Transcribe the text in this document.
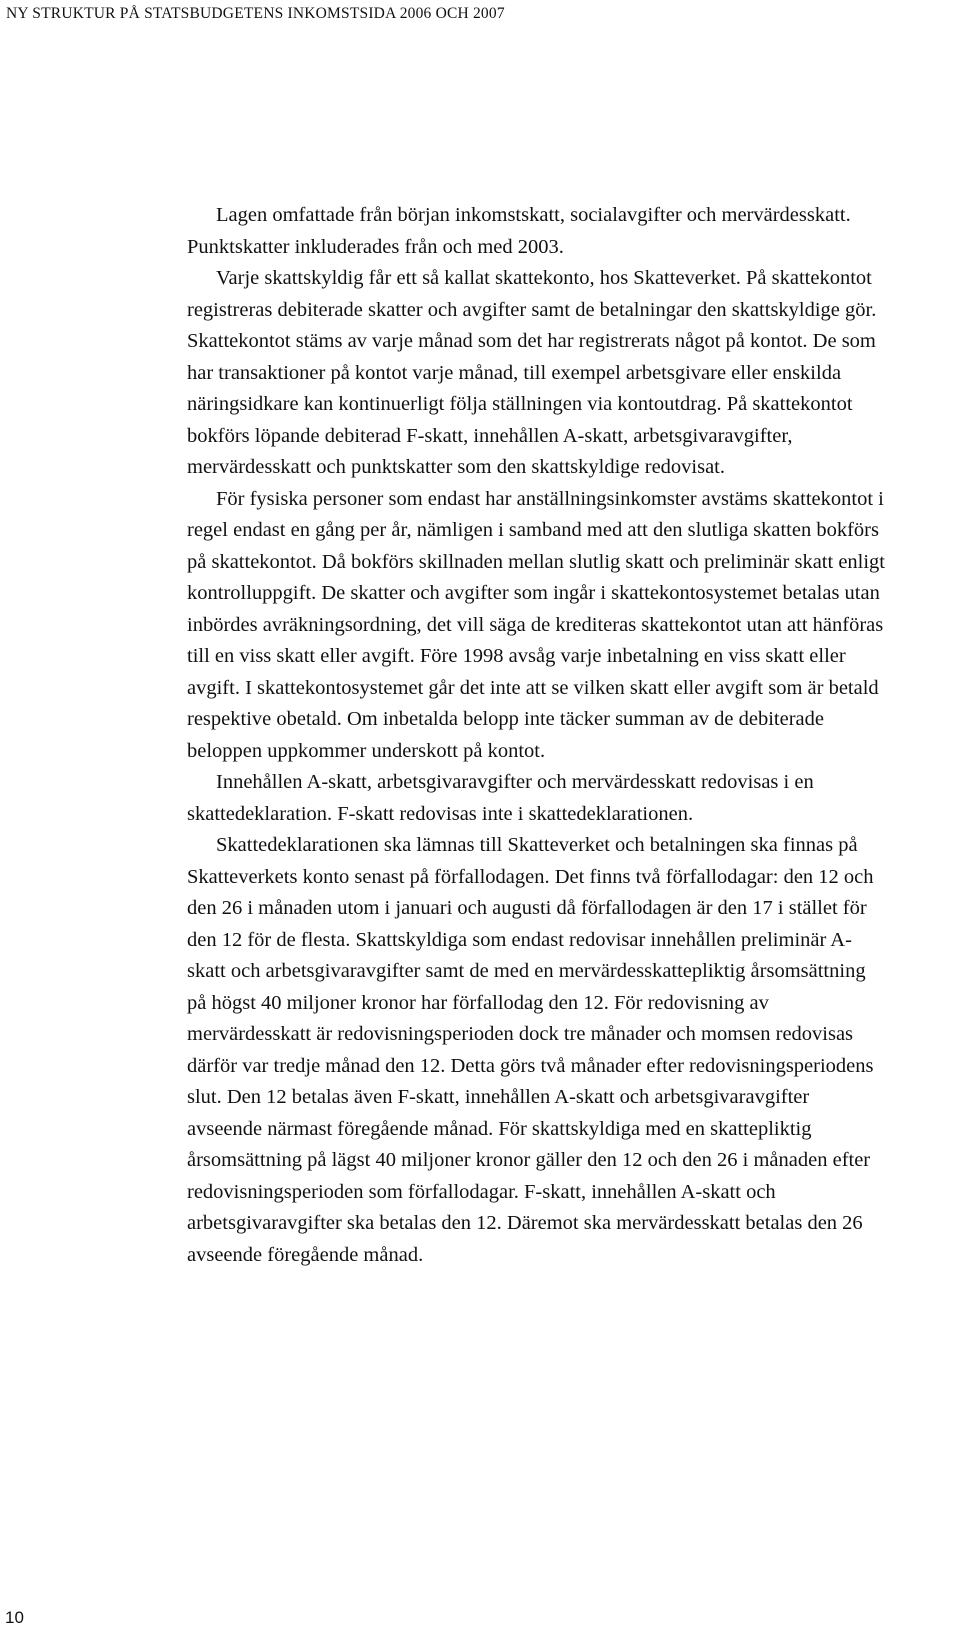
NY STRUKTUR PÅ STATSBUDGETENS INKOMSTSIDA 2006 OCH 2007
Lagen omfattade från början inkomstskatt, socialavgifter och mervärdesskatt.
Punktskatter inkluderades från och med 2003.
Varje skattskyldig får ett så kallat skattekonto, hos Skatteverket. På skattekontot
registreras debiterade skatter och avgifter samt de betalningar den skattskyldige gör.
Skattekontot stäms av varje månad som det har registrerats något på kontot. De som
har transaktioner på kontot varje månad, till exempel arbetsgivare eller enskilda
näringsidkare kan kontinuerligt följa ställningen via kontoutdrag. På skattekontot
bokförs löpande debiterad F-skatt, innehållen A-skatt, arbetsgivaravgifter,
mervärdesskatt och punktskatter som den skattskyldige redovisat.
För fysiska personer som endast har anställningsinkomster avstäms skattekontot i
regel endast en gång per år, nämligen i samband med att den slutliga skatten bokförs
på skattekontot. Då bokförs skillnaden mellan slutlig skatt och preliminär skatt enligt
kontrolluppgift. De skatter och avgifter som ingår i skattekontosystemet betalas utan
inbördes avräkningsordning, det vill säga de krediteras skattekontot utan att hänföras
till en viss skatt eller avgift. Före 1998 avsåg varje inbetalning en viss skatt eller
avgift. I skattekontosystemet går det inte att se vilken skatt eller avgift som är betald
respektive obetald. Om inbetalda belopp inte täcker summan av de debiterade
beloppen uppkommer underskott på kontot.
Innehållen A-skatt, arbetsgivaravgifter och mervärdesskatt redovisas i en
skattedeklaration. F-skatt redovisas inte i skattedeklarationen.
Skattedeklarationen ska lämnas till Skatteverket och betalningen ska finnas på
Skatteverkets konto senast på förfallodagen. Det finns två förfallodagar: den 12 och
den 26 i månaden utom i januari och augusti då förfallodagen är den 17 i stället för
den 12 för de flesta. Skattskyldiga som endast redovisar innehållen preliminär A-
skatt och arbetsgivaravgifter samt de med en mervärdesskattepliktig årsomsättning
på högst 40 miljoner kronor har förfallodag den 12. För redovisning av
mervärdesskatt är redovisningsperioden dock tre månader och momsen redovisas
därför var tredje månad den 12. Detta görs två månader efter redovisningsperiodens
slut. Den 12 betalas även F-skatt, innehållen A-skatt och arbetsgivaravgifter
avseende närmast föregående månad. För skattskyldiga med en skattepliktig
årsomsättning på lägst 40 miljoner kronor gäller den 12 och den 26 i månaden efter
redovisningsperioden som förfallodagar. F-skatt, innehållen A-skatt och
arbetsgivaravgifter ska betalas den 12. Däremot ska mervärdesskatt betalas den 26
avseende föregående månad.
10
